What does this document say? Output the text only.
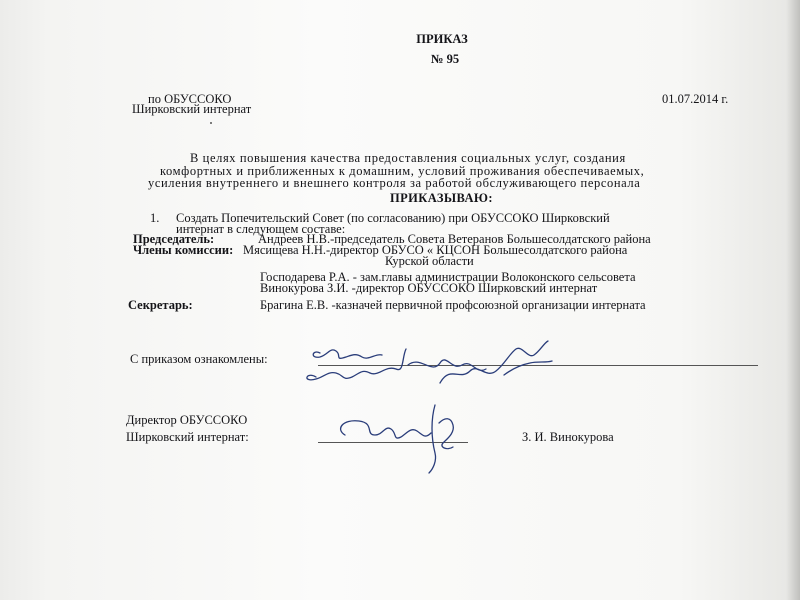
ПРИКАЗ
№ 95
по ОБУССОКО
Ширковский интернат
01.07.2014 г.
В целях повышения качества предоставления социальных услуг, создания
комфортных и приближенных к домашним, условий проживания обеспечиваемых,
усиления внутреннего и внешнего контроля за работой обслуживающего персонала
ПРИКАЗЫВАЮ:
1. Создать Попечительский Совет (по согласованию) при ОБУССОКО Ширковский
интернат в следующем составе:
Председатель:	Андреев Н.В.-председатель Совета Ветеранов Большесолдатского района
Члены комиссии: Мясищева Н.Н.-директор ОБУСО « КЦСОН Большесолдатского района
Курской области
Господарева Р.А. - зам.главы администрации Волоконского сельсовета
Винокурова З.И. -директор ОБУССОКО Ширковский интернат
Секретарь:	Брагина Е.В. -казначей первичной профсоюзной организации интерната
С приказом ознакомлены:
Директор ОБУССОКО
Ширковский интернат:	З. И. Винокурова
